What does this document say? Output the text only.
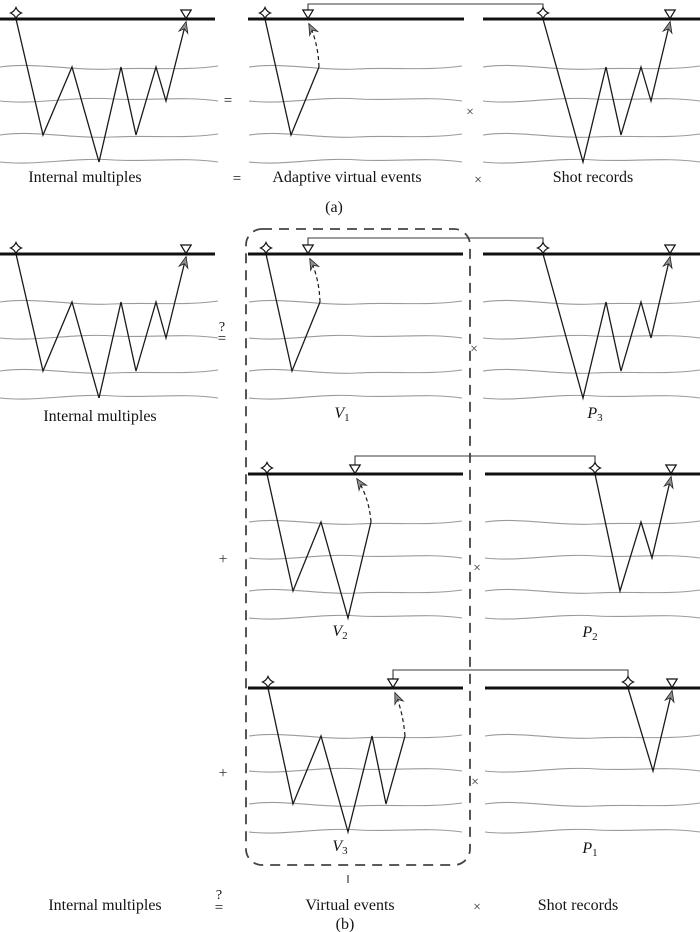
=
×
Internal multiples	= Adaptive virtual events	×	Shot records
(a)
?
=
×
×
×
+
+
Internal multiples	V1	P3
V2	P2
V3	P1
‖
Internal multiples
?
=	Virtual events	×	Shot records
(b)
